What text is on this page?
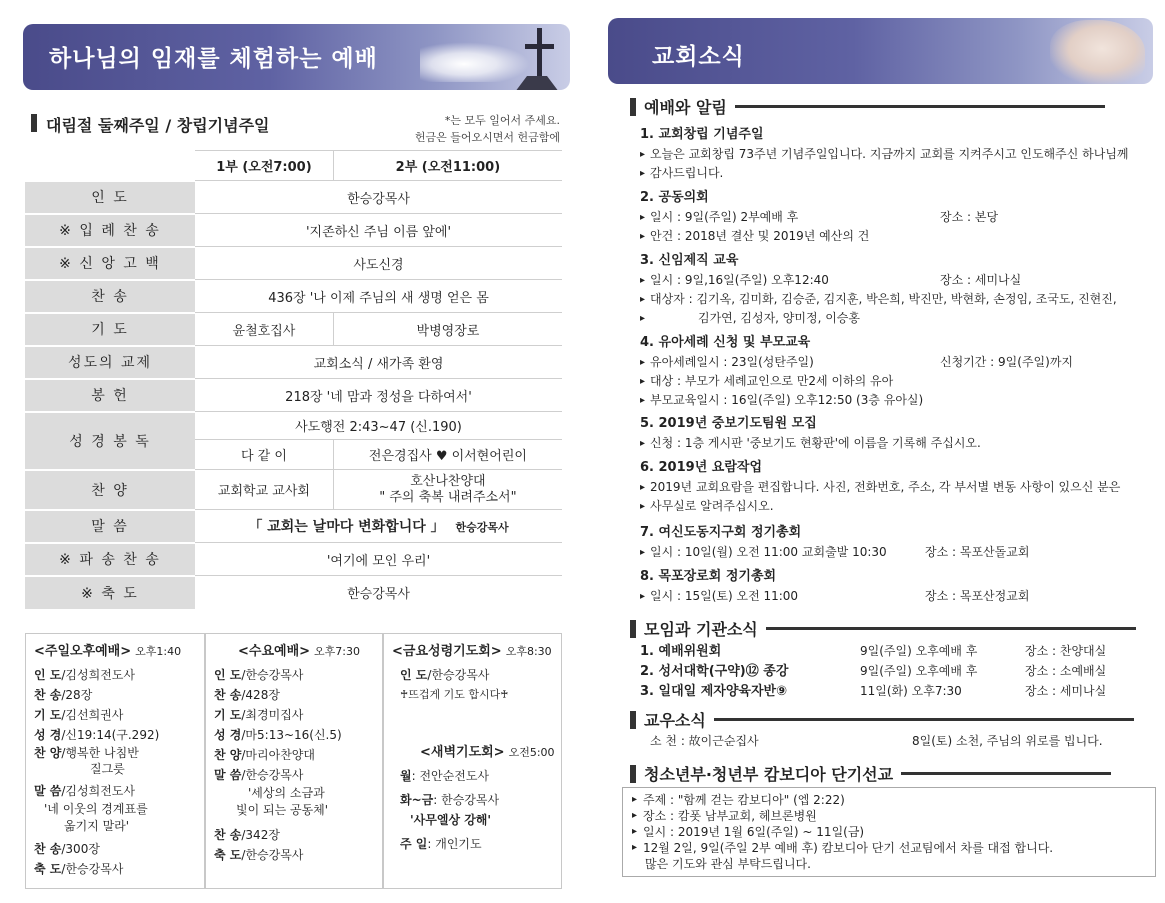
하나님의 임재를 체험하는 예배
대림절 둘째주일 / 창립기념주일	*는 모두 일어서 주세요.
헌금은 들어오시면서 헌금함에
	1부 (오전7:00)	2부 (오전11:00)
인 도	한승강목사	
※ 입 례 찬 송	'지존하신 주님 이름 앞에'	
※ 신 앙 고 백	사도신경	
찬 송	436장 '나 이제 주님의 새 생명 얻은 몸	
기 도	윤철호집사	박병영장로
성도의 교제	교회소식 / 새가족 환영	
봉 헌	218장 '네 맘과 정성을 다하여서'	
성 경 봉 독	사도행전 2:43~47 (신.190)	
	다 같 이	전은경집사 ♥ 이서현어린이
찬 양	교회학교 교사회	호산나찬양대
" 주의 축복 내려주소서"

말 씀	「 교회는 날마다 변화합니다 」 한승강목사	
※ 파 송 찬 송	'여기에 모인 우리'	
※ 축 도	한승강목사	
<주일오후예배> 오후1:40
인 도/김성희전도사
찬 송/28장
기 도/김선희권사
성 경/신19:14(구.292)
찬 양/행복한 나침반
질그릇
말 씀/김성희전도사
'네 이웃의 경계표를
옮기지 말라'
찬 송/300장
축 도/한승강목사
<수요예배> 오후7:30
인 도/한승강목사
찬 송/428장
기 도/최경미집사
성 경/마5:13~16(신.5)
찬 양/마리아찬양대
말 씀/한승강목사
'세상의 소금과
빛이 되는 공동체'
찬 송/342장
축 도/한승강목사
<금요성령기도회> 오후8:30
인 도/한승강목사
♰뜨겁게 기도 합시다♰
<새벽기도회> 오전5:00
월: 전안순전도사
화~금: 한승강목사
'사무엘상 강해'
주 일: 개인기도
교회소식
예배와 알림
1. 교회창립 기념주일
▸ 오늘은 교회창립 73주년 기념주일입니다. 지금까지 교회를 지켜주시고 인도해주신 하나님께
▸ 감사드립니다.
2. 공동의회
▸ 일시 : 9일(주일) 2부예배 후	장소 : 본당
▸ 안건 : 2018년 결산 및 2019년 예산의 건
3. 신임제직 교육
▸ 일시 : 9일,16일(주일) 오후12:40	장소 : 세미나실
▸ 대상자 : 김기옥, 김미화, 김승준, 김지훈, 박은희, 박진만, 박현화, 손정임, 조국도, 진현진,
▸ 김가연, 김성자, 양미정, 이승홍
4. 유아세례 신청 및 부모교육
▸ 유아세례일시 : 23일(성탄주일)	신청기간 : 9일(주일)까지
▸ 대상 : 부모가 세례교인으로 만2세 이하의 유아
▸ 부모교육일시 : 16일(주일) 오후12:50 (3층 유아실)
5. 2019년 중보기도팀원 모집
▸ 신청 : 1층 게시판 '중보기도 현황판'에 이름을 기록해 주십시오.
6. 2019년 요람작업
▸ 2019년 교회요람을 편집합니다. 사진, 전화번호, 주소, 각 부서별 변동 사항이 있으신 분은
▸ 사무실로 알려주십시오.
7. 여신도동지구회 정기총회
▸ 일시 : 10일(월) 오전 11:00 교회출발 10:30	장소 : 목포산돌교회
8. 목포장로회 정기총회
▸ 일시 : 15일(토) 오전 11:00	장소 : 목포산정교회
모임과 기관소식
1. 예배위원회	9일(주일) 오후예배 후	장소 : 찬양대실
2. 성서대학(구약)⑫ 종강	9일(주일) 오후예배 후	장소 : 소예배실
3. 일대일 제자양육자반⑨	11일(화) 오후7:30	장소 : 세미나실
교우소식
소 천 : 故이근순집사	8일(토) 소천, 주님의 위로를 빕니다.
청소년부·청년부 캄보디아 단기선교
▸ 주제 : "함께 걷는 캄보디아" (엡 2:22)
▸ 장소 : 캄폿 남부교회, 헤브론병원
▸ 일시 : 2019년 1월 6일(주일) ~ 11일(금)
▸ 12월 2일, 9일(주일 2부 예배 후) 캄보디아 단기 선교팀에서 차를 대접 합니다.
많은 기도와 관심 부탁드립니다.
